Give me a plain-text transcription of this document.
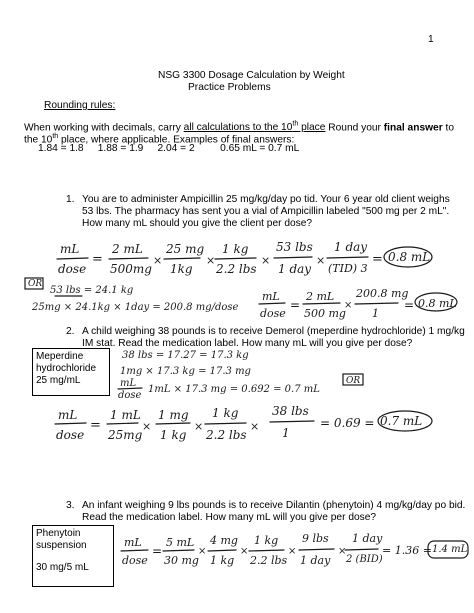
1
NSG 3300 Dosage Calculation by Weight
Practice Problems
Rounding rules:
When working with decimals, carry all calculations to the 10th place Round your final answer to
the 10th place, where applicable. Examples of final answers:
1.84 = 1.8     1.88 = 1.9     2.04 = 2         0.65 mL = 0.7 mL
1. You are to administer Ampicillin 25 mg/kg/day po tid. Your 6 year old client weighs
53 lbs. The pharmacy has sent you a vial of Ampicillin labeled "500 mg per 2 mL".
How many mL should you give the client per dose?
mL
dose
=
2 mL
500mg
×
25 mg
1kg
×
1 kg
2.2 lbs
×
53 lbs
1 day
×
1 day
(TID) 3
= 0.8 mL
OR
53 lbs = 24.1 kg
25mg × 24.1kg × 1day = 200.8 mg/dose
mL
dose
=
2 mL
500 mg
×
200.8 mg
1
= 0.8 mL
2. A child weighing 38 pounds is to receive Demerol (meperdine hydrochloride) 1 mg/kg
IM stat. Read the medication label. How many mL will you give per dose?
Meperdine
hydrochloride
25 mg/mL
38 lbs = 17.27 = 17.3 kg
1mg × 17.3 kg = 17.3 mg
mL
dose
1mL × 17.3 mg = 0.692 = 0.7 mL
OR
mL
dose
=
1 mL
25mg
×
1 mg
1 kg
×
1 kg
2.2 lbs
×
38 lbs
1
= 0.69 = 0.7 mL
3. An infant weighing 9 lbs pounds is to receive Dilantin (phenytoin) 4 mg/kg/day po bid.
Read the medication label. How many mL will you give per dose?
Phenytoin
suspension
30 mg/5 mL
mL
dose
=
5 mL
30 mg
×
4 mg
1 kg
×
1 kg
2.2 lbs
×
9 lbs
1 day
×
1 day
2 (BID)
= 1.36 = 1.4 mL
